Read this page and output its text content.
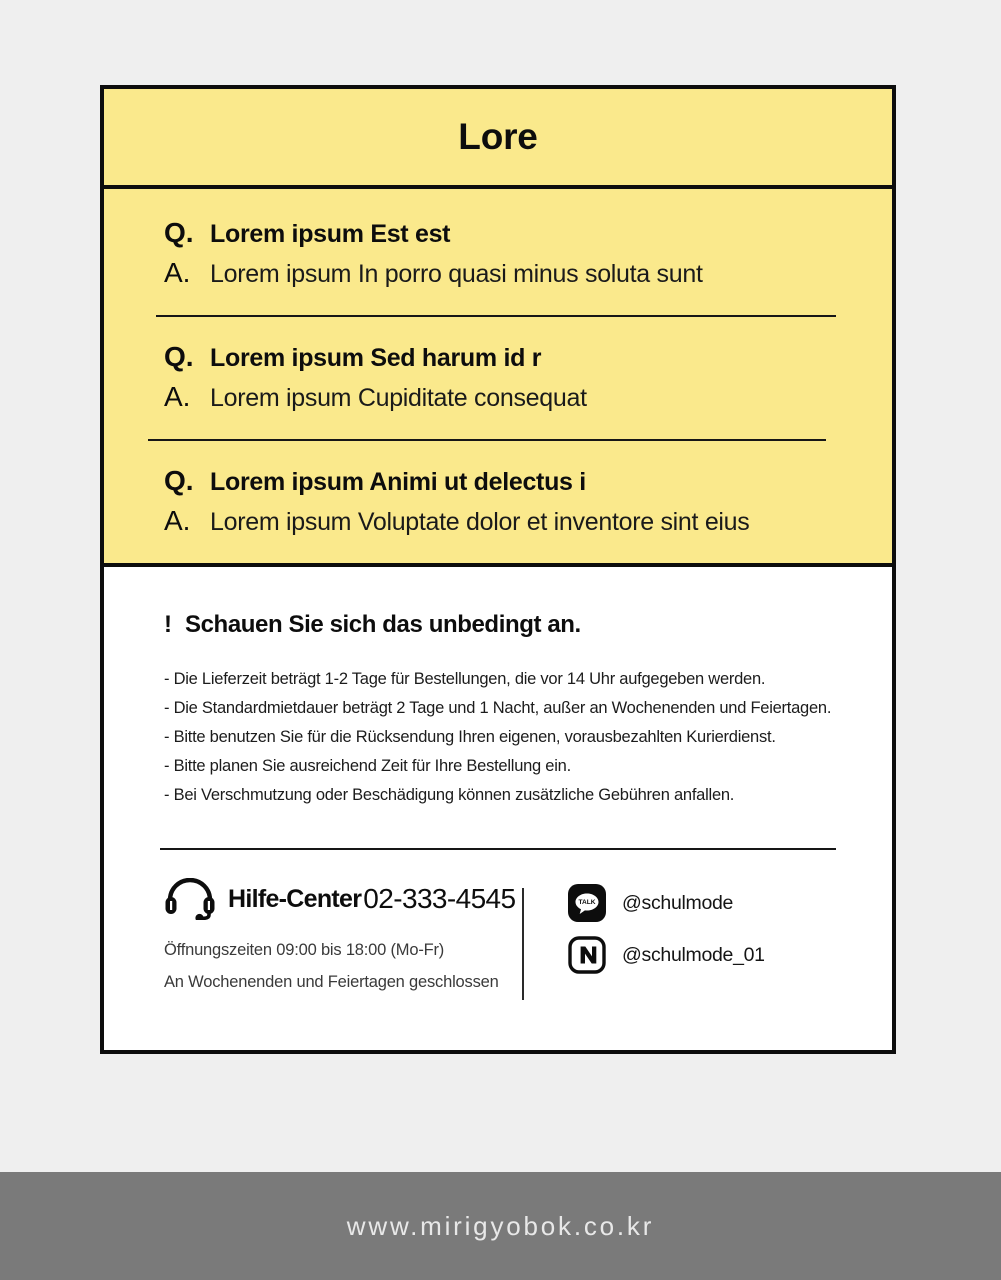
Lore
Q. Lorem ipsum Est est
A. Lorem ipsum In porro quasi minus soluta sunt
Q. Lorem ipsum Sed harum id r
A. Lorem ipsum Cupiditate consequat
Q. Lorem ipsum Animi ut delectus i
A. Lorem ipsum Voluptate dolor et inventore sint eius
! Schauen Sie sich das unbedingt an.
- Die Lieferzeit beträgt 1-2 Tage für Bestellungen, die vor 14 Uhr aufgegeben werden.
- Die Standardmietdauer beträgt 2 Tage und 1 Nacht, außer an Wochenenden und Feiertagen.
- Bitte benutzen Sie für die Rücksendung Ihren eigenen, vorausbezahlten Kurierdienst.
- Bitte planen Sie ausreichend Zeit für Ihre Bestellung ein.
- Bei Verschmutzung oder Beschädigung können zusätzliche Gebühren anfallen.
Hilfe-Center 02-333-4545
Öffnungszeiten 09:00 bis 18:00 (Mo-Fr)
An Wochenenden und Feiertagen geschlossen
TALK @schulmode
@schulmode_01
www.mirigyobok.co.kr
